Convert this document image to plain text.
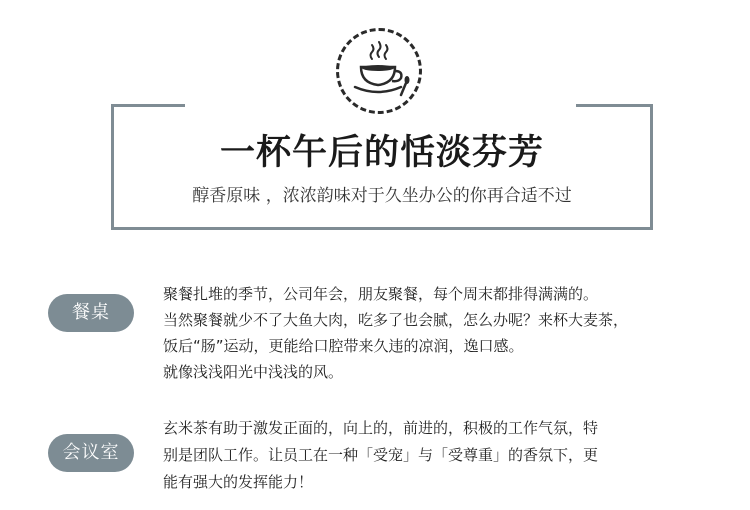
一杯午后的恬淡芬芳
醇香原味 ，浓浓韵味对于久坐办公的你再合适不过
餐桌
聚餐扎堆的季节，公司年会，朋友聚餐，每个周末都排得满满的。
当然聚餐就少不了大鱼大肉，吃多了也会腻，怎么办呢？来杯大麦茶，
饭后“肠”运动，更能给口腔带来久违的凉润，逸口感。
就像浅浅阳光中浅浅的风。
会议室
玄米茶有助于激发正面的，向上的，前进的，积极的工作气氛，特
别是团队工作。让员工在一种「受宠」与「受尊重」的香氛下，更
能有强大的发挥能力！
